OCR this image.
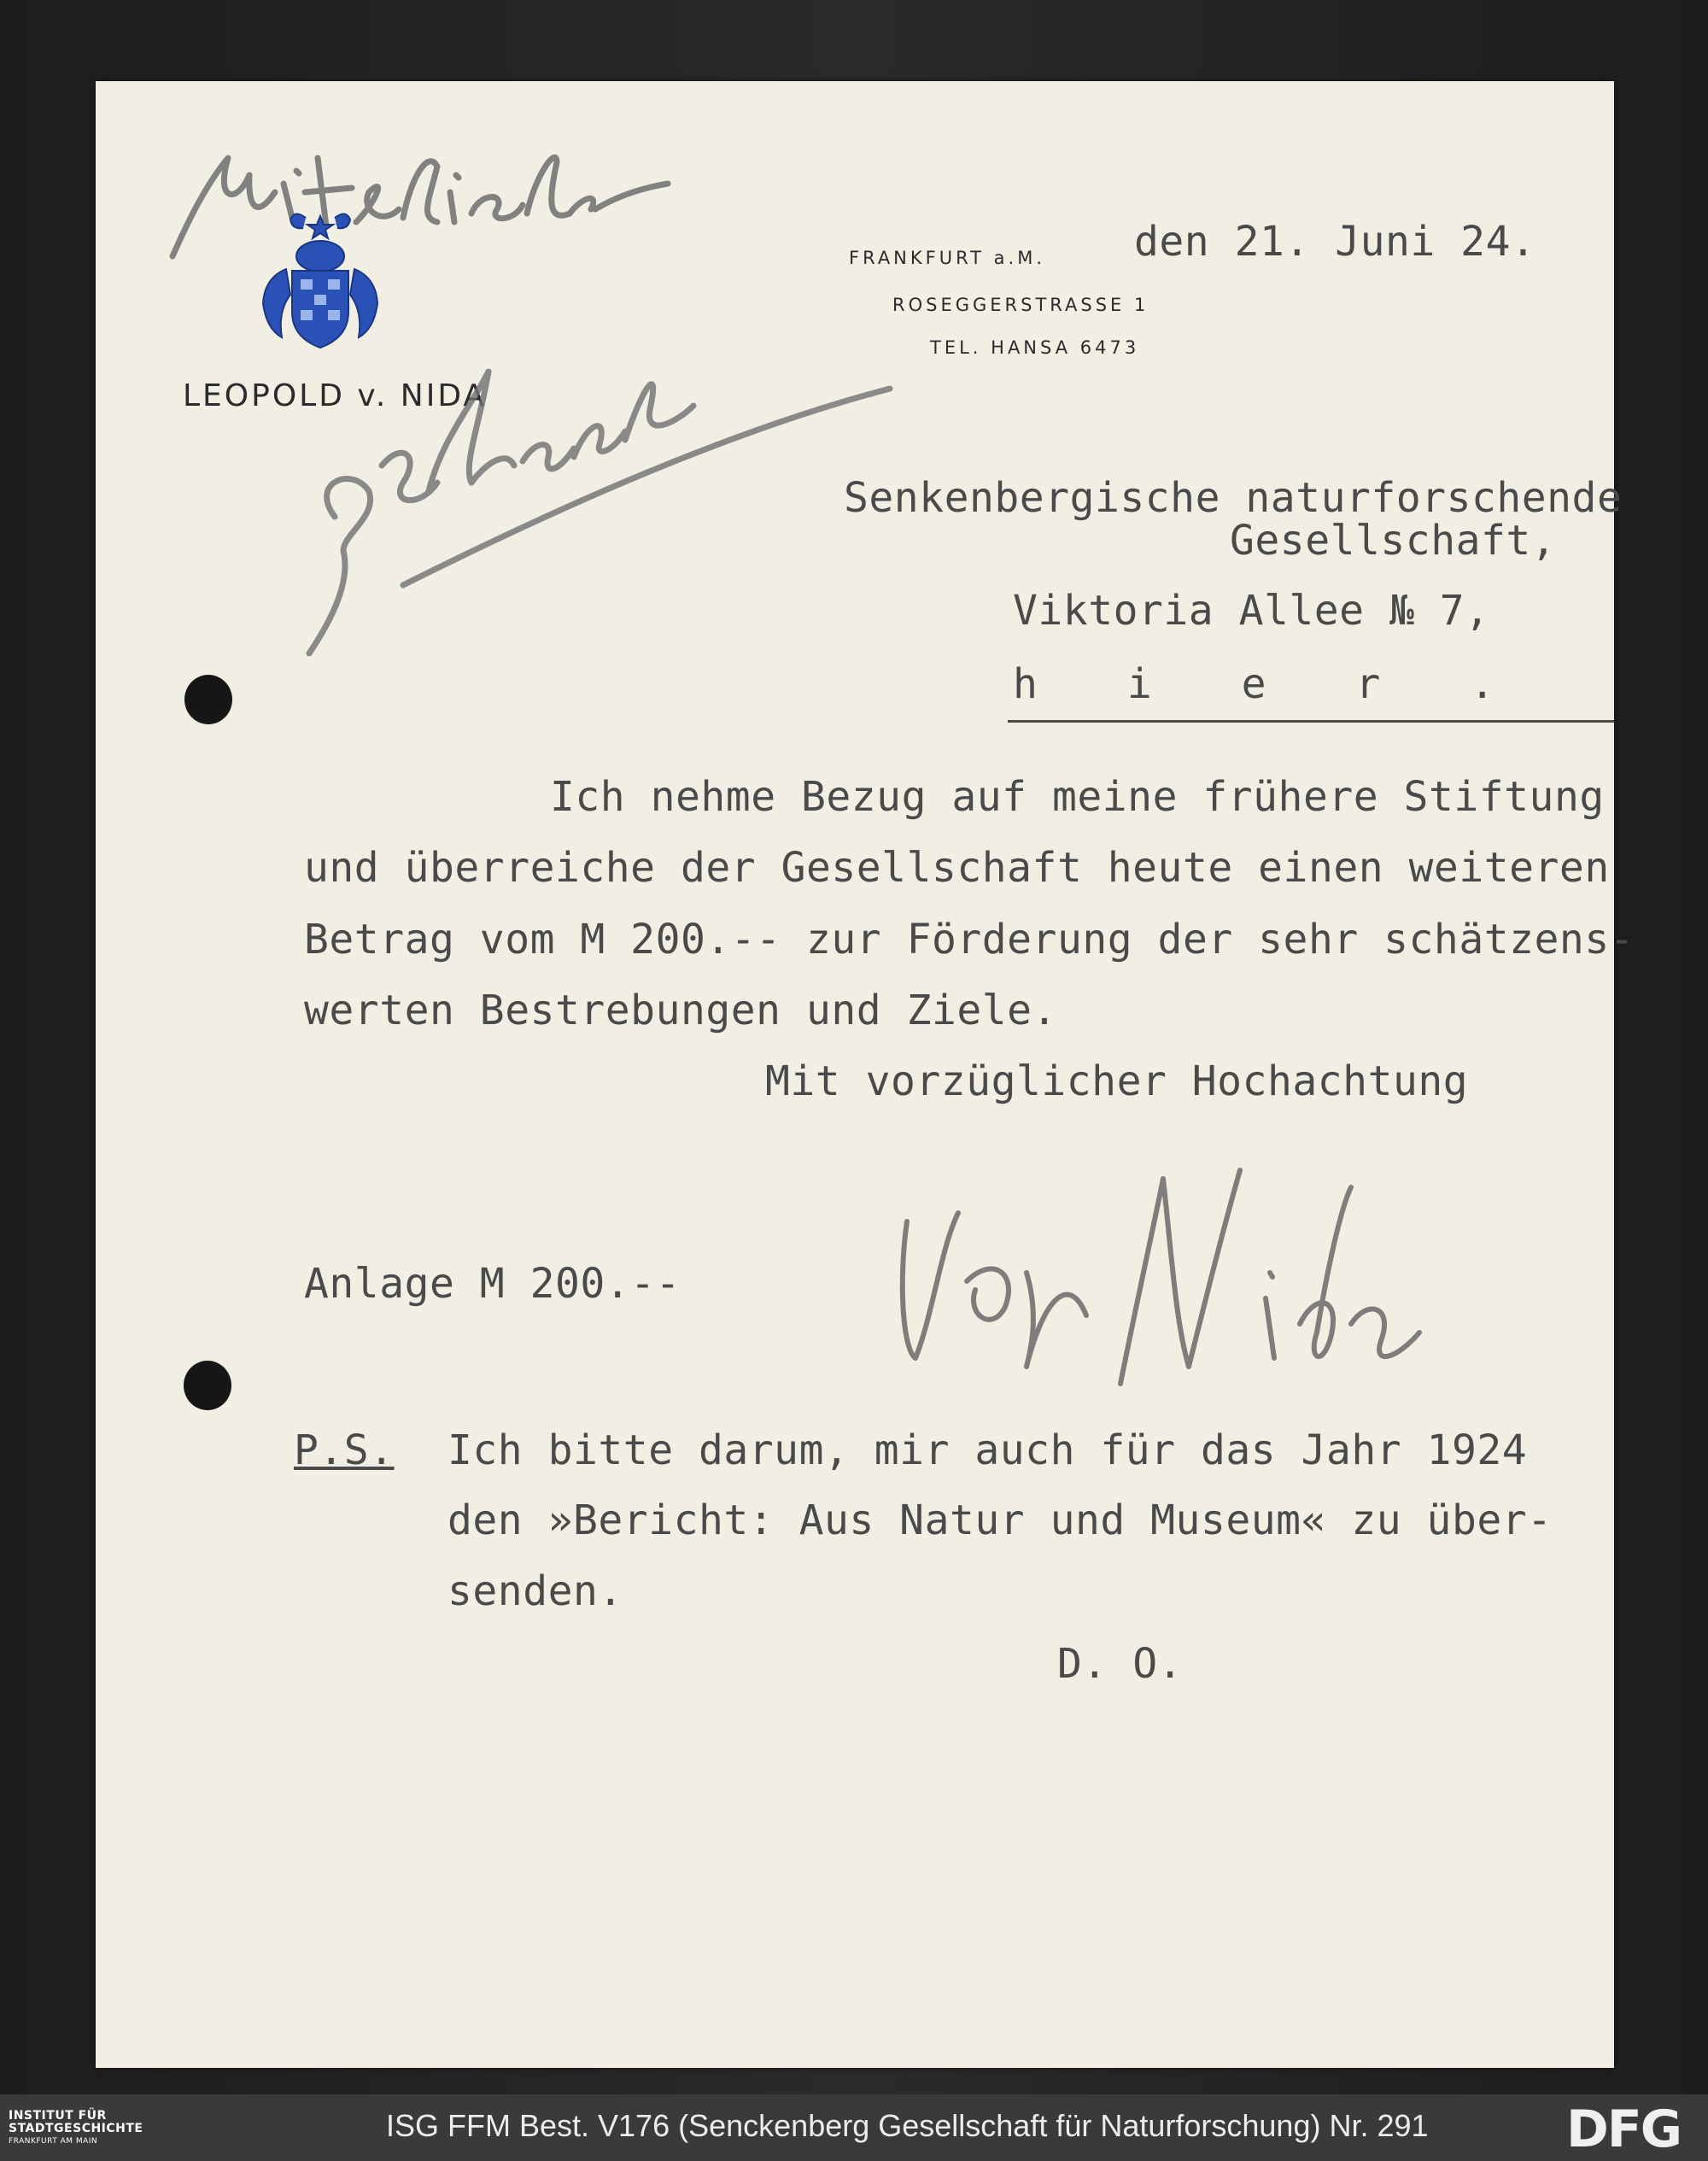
LEOPOLD v. NIDA
FRANKFURT a.M.
ROSEGGERSTRASSE 1
TEL. HANSA 6473
den 21. Juni 24.
Senkenbergische naturforschende
Gesellschaft,
Viktoria Allee № 7,
h i e r .
Ich nehme Bezug auf meine frühere Stiftung
und überreiche der Gesellschaft heute einen weiteren
Betrag vom M 200.-- zur Förderung der sehr schätzens-
werten Bestrebungen und Ziele.
Mit vorzüglicher Hochachtung
Anlage M 200.--
P.S. Ich bitte darum, mir auch für das Jahr 1924
den »Bericht: Aus Natur und Museum« zu über-
senden.
D. O.
INSTITUT FÜR
STADTGESCHICHTE
FRANKFURT AM MAIN	ISG FFM Best. V176 (Senckenberg Gesellschaft für Naturforschung) Nr. 291	DFG
